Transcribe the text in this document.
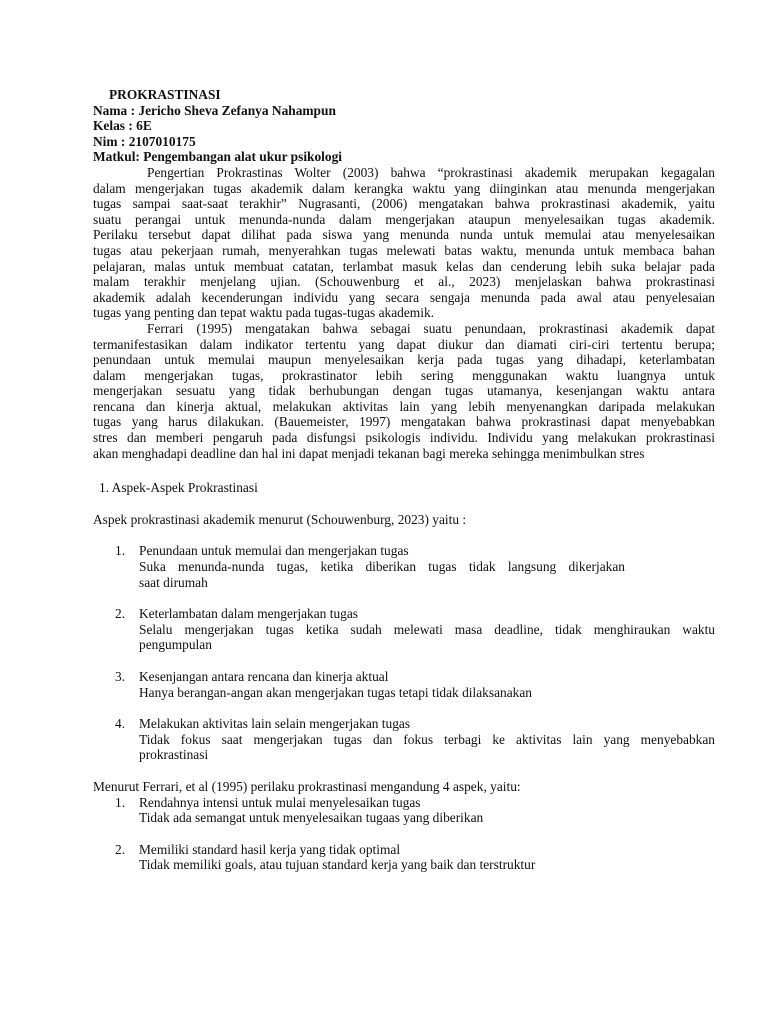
PROKRASTINASI
Nama : Jericho Sheva Zefanya Nahampun
Kelas : 6E
Nim : 2107010175
Matkul: Pengembangan alat ukur psikologi
Pengertian Prokrastinas Wolter (2003) bahwa “prokrastinasi akademik merupakan kegagalan
dalam mengerjakan tugas akademik dalam kerangka waktu yang diinginkan atau menunda mengerjakan
tugas sampai saat-saat terakhir” Nugrasanti, (2006) mengatakan bahwa prokrastinasi akademik, yaitu
suatu perangai untuk menunda-nunda dalam mengerjakan ataupun menyelesaikan tugas akademik.
Perilaku tersebut dapat dilihat pada siswa yang menunda nunda untuk memulai atau menyelesaikan
tugas atau pekerjaan rumah, menyerahkan tugas melewati batas waktu, menunda untuk membaca bahan
pelajaran, malas untuk membuat catatan, terlambat masuk kelas dan cenderung lebih suka belajar pada
malam terakhir menjelang ujian. (Schouwenburg et al., 2023) menjelaskan bahwa prokrastinasi
akademik adalah kecenderungan individu yang secara sengaja menunda pada awal atau penyelesaian
tugas yang penting dan tepat waktu pada tugas-tugas akademik.
Ferrari (1995) mengatakan bahwa sebagai suatu penundaan, prokrastinasi akademik dapat
termanifestasikan dalam indikator tertentu yang dapat diukur dan diamati ciri-ciri tertentu berupa;
penundaan untuk memulai maupun menyelesaikan kerja pada tugas yang dihadapi, keterlambatan
dalam mengerjakan tugas, prokrastinator lebih sering menggunakan waktu luangnya untuk
mengerjakan sesuatu yang tidak berhubungan dengan tugas utamanya, kesenjangan waktu antara
rencana dan kinerja aktual, melakukan aktivitas lain yang lebih menyenangkan daripada melakukan
tugas yang harus dilakukan. (Bauemeister, 1997) mengatakan bahwa prokrastinasi dapat menyebabkan
stres dan memberi pengaruh pada disfungsi psikologis individu. Individu yang melakukan prokrastinasi
akan menghadapi deadline dan hal ini dapat menjadi tekanan bagi mereka sehingga menimbulkan stres
1. Aspek-Aspek Prokrastinasi
Aspek prokrastinasi akademik menurut (Schouwenburg, 2023) yaitu :
1. Penundaan untuk memulai dan mengerjakan tugas
Suka menunda-nunda tugas, ketika diberikan tugas tidak langsung dikerjakan
saat dirumah
2. Keterlambatan dalam mengerjakan tugas
Selalu mengerjakan tugas ketika sudah melewati masa deadline, tidak menghiraukan waktu
pengumpulan
3. Kesenjangan antara rencana dan kinerja aktual
Hanya berangan-angan akan mengerjakan tugas tetapi tidak dilaksanakan
4. Melakukan aktivitas lain selain mengerjakan tugas
Tidak fokus saat mengerjakan tugas dan fokus terbagi ke aktivitas lain yang menyebabkan
prokrastinasi
Menurut Ferrari, et al (1995) perilaku prokrastinasi mengandung 4 aspek, yaitu:
1. Rendahnya intensi untuk mulai menyelesaikan tugas
Tidak ada semangat untuk menyelesaikan tugaas yang diberikan
2. Memiliki standard hasil kerja yang tidak optimal
Tidak memiliki goals, atau tujuan standard kerja yang baik dan terstruktur
